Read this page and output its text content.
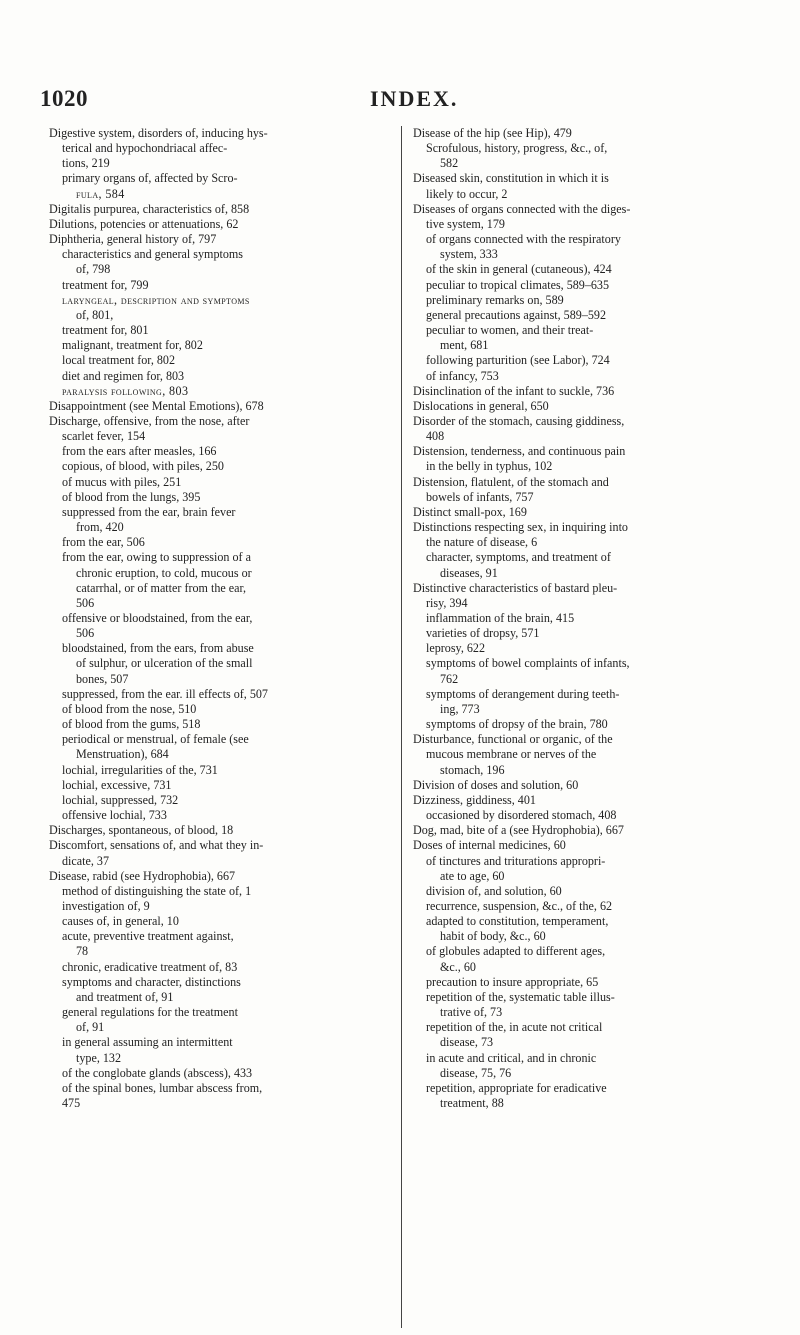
1020	INDEX.
Digestive system, disorders of, inducing hys-
terical and hypochondriacal affec-
tions, 219
primary organs of, affected by Scro-
fula, 584
Digitalis purpurea, characteristics of, 858
Dilutions, potencies or attenuations, 62
Diphtheria, general history of, 797
characteristics and general symptoms
of, 798
treatment for, 799
laryngeal, description and symptoms
of, 801,
treatment for, 801
malignant, treatment for, 802
local treatment for, 802
diet and regimen for, 803
paralysis following, 803
Disappointment (see Mental Emotions), 678
Discharge, offensive, from the nose, after
scarlet fever, 154
from the ears after measles, 166
copious, of blood, with piles, 250
of mucus with piles, 251
of blood from the lungs, 395
suppressed from the ear, brain fever
from, 420
from the ear, 506
from the ear, owing to suppression of a
chronic eruption, to cold, mucous or
catarrhal, or of matter from the ear,
506
offensive or bloodstained, from the ear,
506
bloodstained, from the ears, from abuse
of sulphur, or ulceration of the small
bones, 507
suppressed, from the ear. ill effects of, 507
of blood from the nose, 510
of blood from the gums, 518
periodical or menstrual, of female (see
Menstruation), 684
lochial, irregularities of the, 731
lochial, excessive, 731
lochial, suppressed, 732
offensive lochial, 733
Discharges, spontaneous, of blood, 18
Discomfort, sensations of, and what they in-
dicate, 37
Disease, rabid (see Hydrophobia), 667
method of distinguishing the state of, 1
investigation of, 9
causes of, in general, 10
acute, preventive treatment against,
78
chronic, eradicative treatment of, 83
symptoms and character, distinctions
and treatment of, 91
general regulations for the treatment
of, 91
in general assuming an intermittent
type, 132
of the conglobate glands (abscess), 433
of the spinal bones, lumbar abscess from,
475
Disease of the hip (see Hip), 479
Scrofulous, history, progress, &c., of,
582
Diseased skin, constitution in which it is
likely to occur, 2
Diseases of organs connected with the diges-
tive system, 179
of organs connected with the respiratory
system, 333
of the skin in general (cutaneous), 424
peculiar to tropical climates, 589–635
preliminary remarks on, 589
general precautions against, 589–592
peculiar to women, and their treat-
ment, 681
following parturition (see Labor), 724
of infancy, 753
Disinclination of the infant to suckle, 736
Dislocations in general, 650
Disorder of the stomach, causing giddiness,
408
Distension, tenderness, and continuous pain
in the belly in typhus, 102
Distension, flatulent, of the stomach and
bowels of infants, 757
Distinct small-pox, 169
Distinctions respecting sex, in inquiring into
the nature of disease, 6
character, symptoms, and treatment of
diseases, 91
Distinctive characteristics of bastard pleu-
risy, 394
inflammation of the brain, 415
varieties of dropsy, 571
leprosy, 622
symptoms of bowel complaints of infants,
762
symptoms of derangement during teeth-
ing, 773
symptoms of dropsy of the brain, 780
Disturbance, functional or organic, of the
mucous membrane or nerves of the
stomach, 196
Division of doses and solution, 60
Dizziness, giddiness, 401
occasioned by disordered stomach, 408
Dog, mad, bite of a (see Hydrophobia), 667
Doses of internal medicines, 60
of tinctures and triturations appropri-
ate to age, 60
division of, and solution, 60
recurrence, suspension, &c., of the, 62
adapted to constitution, temperament,
habit of body, &c., 60
of globules adapted to different ages,
&c., 60
precaution to insure appropriate, 65
repetition of the, systematic table illus-
trative of, 73
repetition of the, in acute not critical
disease, 73
in acute and critical, and in chronic
disease, 75, 76
repetition, appropriate for eradicative
treatment, 88
